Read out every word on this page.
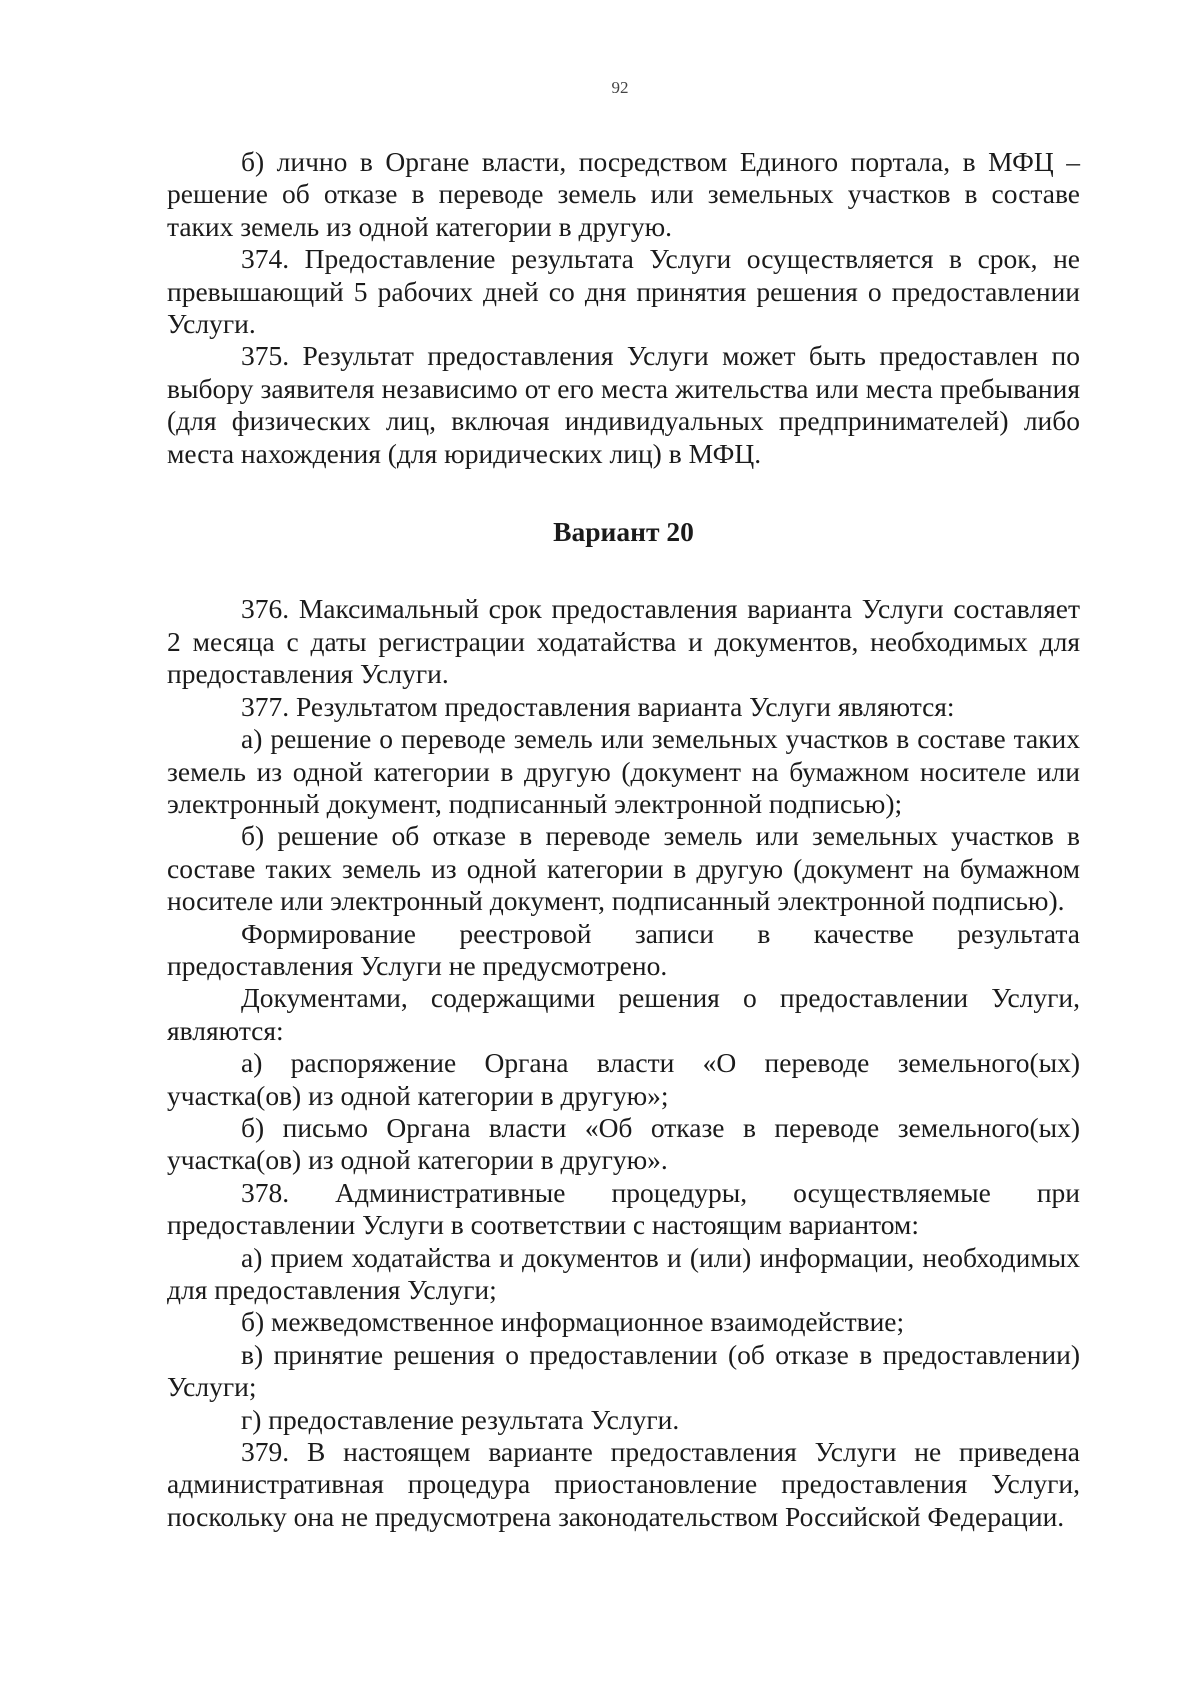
92

б) лично в Органе власти, посредством Единого портала, в МФЦ – решение об отказе в переводе земель или земельных участков в составе таких земель из одной категории в другую.

374. Предоставление результата Услуги осуществляется в срок, не превышающий 5 рабочих дней со дня принятия решения о предоставлении Услуги.

375. Результат предоставления Услуги может быть предоставлен по выбору заявителя независимо от его места жительства или места пребывания (для физических лиц, включая индивидуальных предпринимателей) либо места нахождения (для юридических лиц) в МФЦ.

Вариант 20

376. Максимальный срок предоставления варианта Услуги составляет 2 месяца с даты регистрации ходатайства и документов, необходимых для предоставления Услуги.

377. Результатом предоставления варианта Услуги являются:

а) решение о переводе земель или земельных участков в составе таких земель из одной категории в другую (документ на бумажном носителе или электронный документ, подписанный электронной подписью);

б) решение об отказе в переводе земель или земельных участков в составе таких земель из одной категории в другую (документ на бумажном носителе или электронный документ, подписанный электронной подписью).

Формирование реестровой записи в качестве результата предоставления Услуги не предусмотрено.

Документами, содержащими решения о предоставлении Услуги, являются:

а) распоряжение Органа власти «О переводе земельного(ых) участка(ов) из одной категории в другую»;

б) письмо Органа власти «Об отказе в переводе земельного(ых) участка(ов) из одной категории в другую».

378. Административные процедуры, осуществляемые при предоставлении Услуги в соответствии с настоящим вариантом:

а) прием ходатайства и документов и (или) информации, необходимых для предоставления Услуги;

б) межведомственное информационное взаимодействие;

в) принятие решения о предоставлении (об отказе в предоставлении) Услуги;

г) предоставление результата Услуги.

379. В настоящем варианте предоставления Услуги не приведена административная процедура приостановление предоставления Услуги, поскольку она не предусмотрена законодательством Российской Федерации.
